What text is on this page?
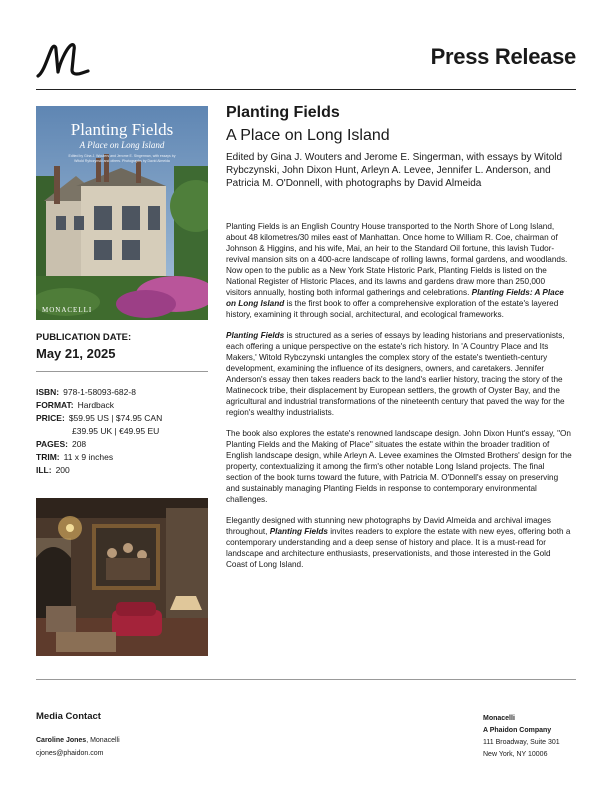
Press Release
Planting Fields
A Place on Long Island
Edited by Gina J. Wouters and Jerome E. Singerman, with essays by Witold Rybczynski and others. Photographs by David Almeida
MONACELLI
PUBLICATION DATE:
May 21, 2025
ISBN: 978-1-58093-682-8
FORMAT: Hardback
PRICE: $59.95 US | $74.95 CAN
£39.95 UK | €49.95 EU
PAGES: 208
TRIM: 11 x 9 inches
ILL: 200
Planting Fields
A Place on Long Island
Edited by Gina J. Wouters and Jerome E. Singerman, with essays by Witold Rybczynski, John Dixon Hunt, Arleyn A. Levee, Jennifer L. Anderson, and Patricia M. O'Donnell, with photographs by David Almeida

Planting Fields is an English Country House transported to the North Shore of Long Island, about 48 kilometres/30 miles east of Manhattan. Once home to William R. Coe, chairman of Johnson & Higgins, and his wife, Mai, an heir to the Standard Oil fortune, this lavish Tudor-revival mansion sits on a 400-acre landscape of rolling lawns, formal gardens, and woodlands. Now open to the public as a New York State Historic Park, Planting Fields is listed on the National Register of Historic Places, and its lawns and gardens draw more than 250,000 visitors annually, hosting both informal gatherings and celebrations. Planting Fields: A Place on Long Island is the first book to offer a comprehensive exploration of the estate's layered history, examining it through social, architectural, and ecological frameworks.

Planting Fields is structured as a series of essays by leading historians and preservationists, each offering a unique perspective on the estate's rich history. In 'A Country Place and Its Makers,' Witold Rybczynski untangles the complex story of the estate's twentieth-century development, examining the influence of its designers, owners, and caretakers. Jennifer Anderson's essay then takes readers back to the land's earlier history, tracing the story of the Matinecock tribe, their displacement by European settlers, the growth of Oyster Bay, and the agricultural and industrial transformations of the nineteenth century that paved the way for the region's wealthy industrialists.

The book also explores the estate's renowned landscape design. John Dixon Hunt's essay, "On Planting Fields and the Making of Place" situates the estate within the broader tradition of English landscape design, while Arleyn A. Levee examines the Olmsted Brothers' design for the property, contextualizing it among the firm's other notable Long Island projects. The final section of the book turns toward the future, with Patricia M. O'Donnell's essay on preserving and sustainably managing Planting Fields in response to contemporary environmental challenges.

Elegantly designed with stunning new photographs by David Almeida and archival images throughout, Planting Fields invites readers to explore the estate with new eyes, offering both a contemporary understanding and a deep sense of history and place. It is a must-read for landscape and architecture enthusiasts, preservationists, and those interested in the Gold Coast of Long Island.

Media Contact
Caroline Jones, Monacelli
cjones@phaidon.com
Monacelli
A Phaidon Company
111 Broadway, Suite 301
New York, NY 10006
